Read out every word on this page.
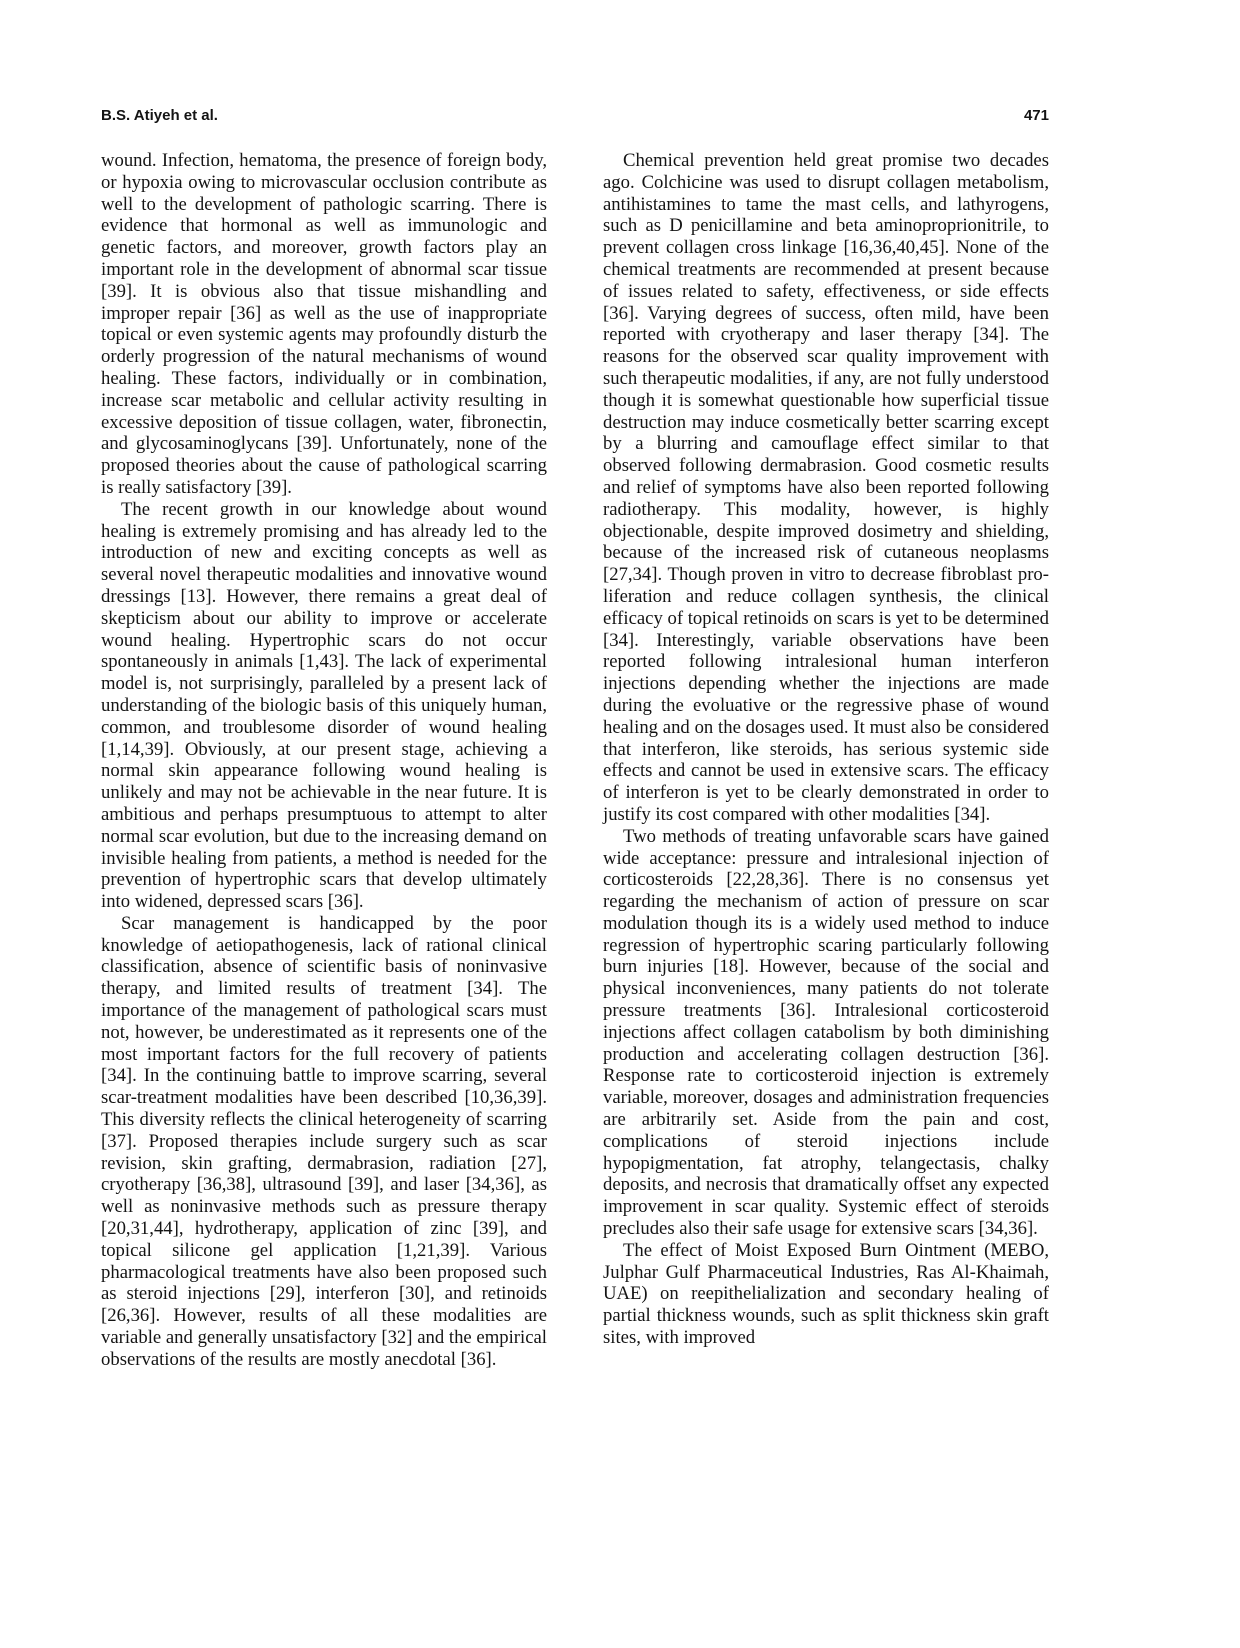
B.S. Atiyeh et al.	471

wound. Infection, hematoma, the presence of foreign body, or hypoxia owing to microvascular occlusion contribute as well to the development of pathologic scarring. There is evidence that hormonal as well as immunologic and genetic factors, and moreover, growth factors play an important role in the development of abnormal scar tissue [39]. It is obvious also that tissue mishandling and improper repair [36] as well as the use of inappropriate topical or even systemic agents may profoundly disturb the orderly progression of the natural mechanisms of wound healing. These factors, individually or in combination, increase scar metabolic and cellular activity resulting in excessive deposition of tissue collagen, water, fibronectin, and glycosaminoglycans [39]. Unfortunately, none of the proposed theories about the cause of pathological scarring is really satisfactory [39].

The recent growth in our knowledge about wound healing is extremely promising and has already led to the introduction of new and exciting concepts as well as several novel therapeutic modalities and innovative wound dressings [13]. However, there remains a great deal of skepticism about our ability to improve or accelerate wound healing. Hypertrophic scars do not occur spontaneously in animals [1,43]. The lack of experimental model is, not surprisingly, paralleled by a present lack of understanding of the biologic basis of this uniquely human, common, and troublesome disorder of wound healing [1,14,39]. Obviously, at our present stage, achieving a normal skin appearance following wound healing is unlikely and may not be achievable in the near future. It is ambitious and perhaps presumptuous to attempt to alter normal scar evolution, but due to the increasing demand on invisible healing from patients, a method is needed for the prevention of hypertrophic scars that develop ultimately into widened, depressed scars [36].

Scar management is handicapped by the poor knowledge of aetiopathogenesis, lack of rational clinical classification, absence of scientific basis of noninvasive therapy, and limited results of treatment [34]. The importance of the management of pathological scars must not, however, be underestimated as it represents one of the most important factors for the full recovery of patients [34]. In the continuing battle to improve scarring, several scar-treatment modalities have been described [10,36,39]. This diversity reflects the clinical heterogeneity of scarring [37]. Proposed therapies include surgery such as scar revision, skin grafting, dermabrasion, radiation [27], cryotherapy [36,38], ultrasound [39], and laser [34,36], as well as noninvasive methods such as pressure therapy [20,31,44], hydrotherapy, application of zinc [39], and topical silicone gel application [1,21,39]. Various pharmacological treatments have also been proposed such as steroid injections [29], interferon [30], and retinoids [26,36]. However, results of all these modalities are variable and generally unsatisfactory [32] and the empirical observations of the results are mostly anecdotal [36].

Chemical prevention held great promise two decades ago. Colchicine was used to disrupt collagen metabolism, antihistamines to tame the mast cells, and lathyrogens, such as D penicillamine and beta aminoproprionitrile, to prevent collagen cross linkage [16,36,40,45]. None of the chemical treatments are recommended at present because of issues related to safety, effectiveness, or side effects [36]. Varying degrees of success, often mild, have been reported with cryotherapy and laser therapy [34]. The reasons for the observed scar quality improvement with such therapeutic modalities, if any, are not fully understood though it is somewhat questionable how superficial tissue destruction may induce cosmetically better scarring except by a blurring and camouflage effect similar to that observed following dermabrasion. Good cosmetic results and relief of symptoms have also been reported following radiotherapy. This modality, however, is highly objectionable, despite improved dosimetry and shielding, because of the increased risk of cutaneous neoplasms [27,34]. Though proven in vitro to decrease fibroblast proliferation and reduce collagen synthesis, the clinical efficacy of topical retinoids on scars is yet to be determined [34]. Interestingly, variable observations have been reported following intralesional human interferon injections depending whether the injections are made during the evoluative or the regressive phase of wound healing and on the dosages used. It must also be considered that interferon, like steroids, has serious systemic side effects and cannot be used in extensive scars. The efficacy of interferon is yet to be clearly demonstrated in order to justify its cost compared with other modalities [34].

Two methods of treating unfavorable scars have gained wide acceptance: pressure and intralesional injection of corticosteroids [22,28,36]. There is no consensus yet regarding the mechanism of action of pressure on scar modulation though its is a widely used method to induce regression of hypertrophic scaring particularly following burn injuries [18]. However, because of the social and physical inconveniences, many patients do not tolerate pressure treatments [36]. Intralesional corticosteroid injections affect collagen catabolism by both diminishing production and accelerating collagen destruction [36]. Response rate to corticosteroid injection is extremely variable, moreover, dosages and administration frequencies are arbitrarily set. Aside from the pain and cost, complications of steroid injections include hypopigmentation, fat atrophy, telangectasis, chalky deposits, and necrosis that dramatically offset any expected improvement in scar quality. Systemic effect of steroids precludes also their safe usage for extensive scars [34,36].

The effect of Moist Exposed Burn Ointment (MEBO, Julphar Gulf Pharmaceutical Industries, Ras Al-Khaimah, UAE) on reepithelialization and secondary healing of partial thickness wounds, such as split thickness skin graft sites, with improved
